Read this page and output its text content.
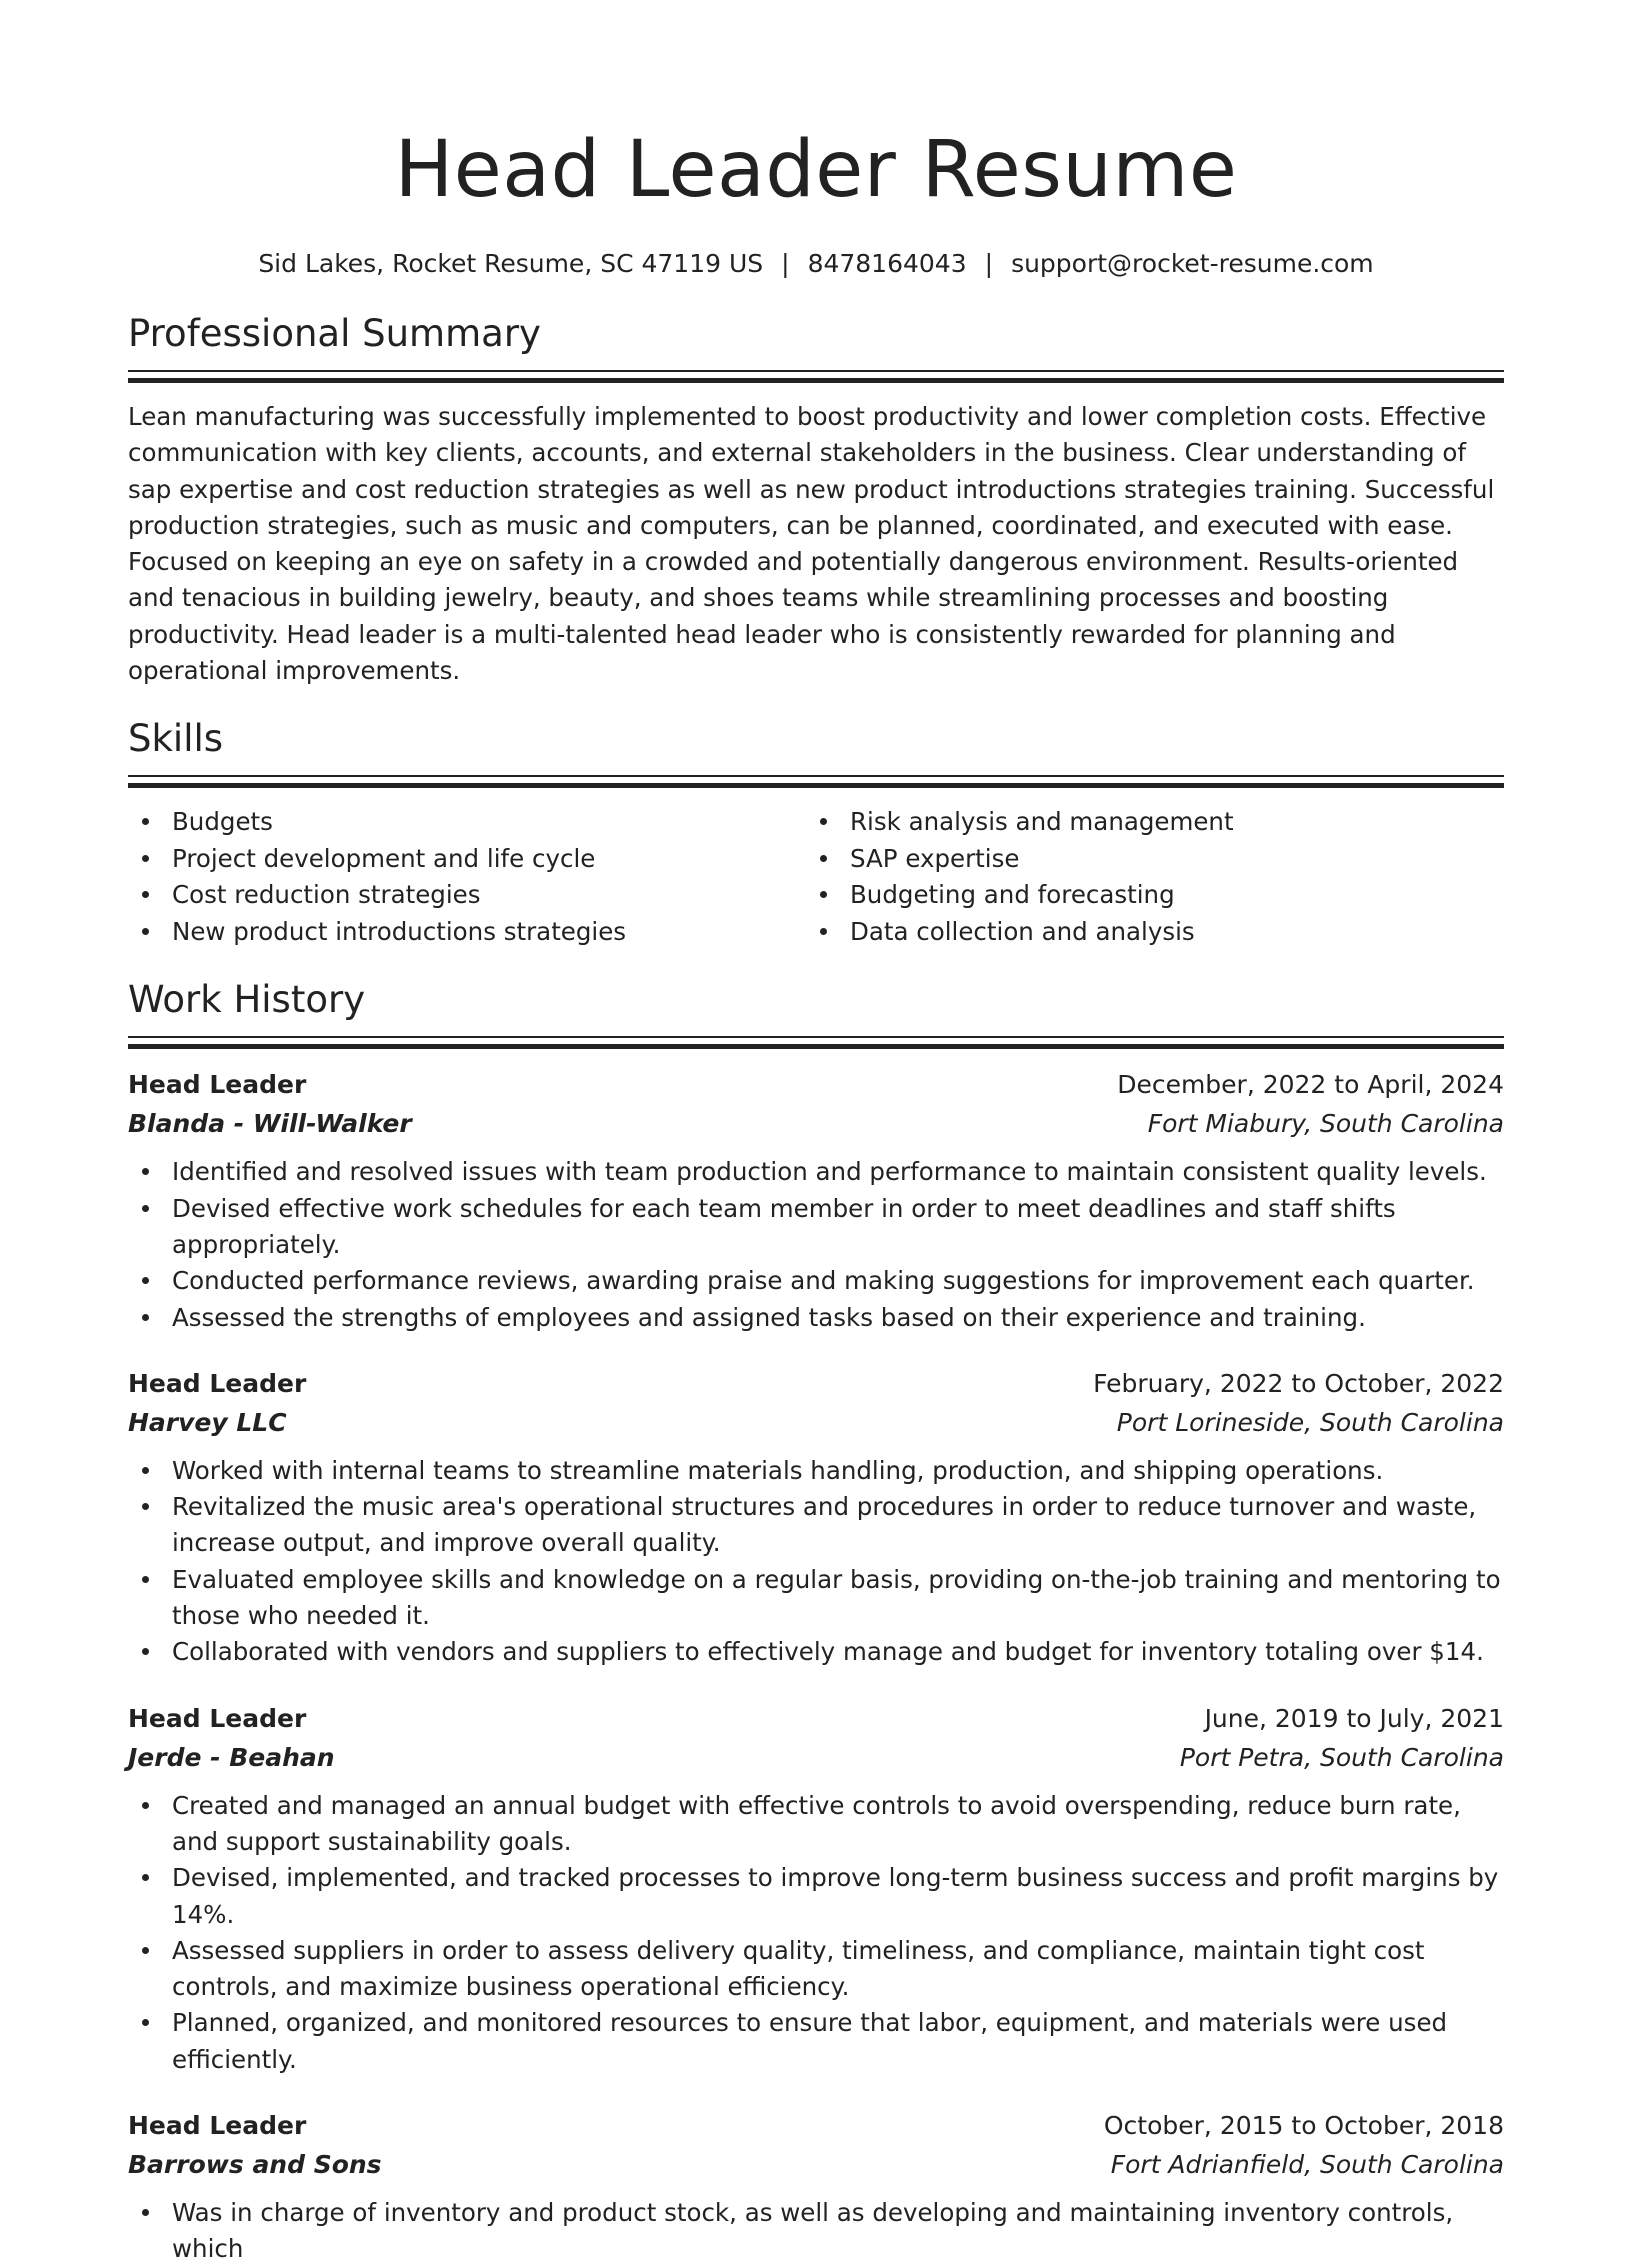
Head Leader Resume
Sid Lakes, Rocket Resume, SC 47119 US | 8478164043 | support@rocket-resume.com
Professional Summary

Lean manufacturing was successfully implemented to boost productivity and lower completion costs. Effective communication with key clients, accounts, and external stakeholders in the business. Clear understanding of sap expertise and cost reduction strategies as well as new product introductions strategies training. Successful production strategies, such as music and computers, can be planned, coordinated, and executed with ease. Focused on keeping an eye on safety in a crowded and potentially dangerous environment. Results-oriented and tenacious in building jewelry, beauty, and shoes teams while streamlining processes and boosting productivity. Head leader is a multi-talented head leader who is consistently rewarded for planning and operational improvements.

Skills
Budgets
Project development and life cycle
Cost reduction strategies
New product introductions strategies
Risk analysis and management
SAP expertise
Budgeting and forecasting
Data collection and analysis
Work History
Head Leader	December, 2022 to April, 2024
Blanda - Will-Walker	Fort Miabury, South Carolina
Identified and resolved issues with team production and performance to maintain consistent quality levels.
Devised effective work schedules for each team member in order to meet deadlines and staff shifts appropriately.
Conducted performance reviews, awarding praise and making suggestions for improvement each quarter.
Assessed the strengths of employees and assigned tasks based on their experience and training.
Head Leader	February, 2022 to October, 2022
Harvey LLC	Port Lorineside, South Carolina
Worked with internal teams to streamline materials handling, production, and shipping operations.
Revitalized the music area's operational structures and procedures in order to reduce turnover and waste, increase output, and improve overall quality.
Evaluated employee skills and knowledge on a regular basis, providing on-the-job training and mentoring to those who needed it.
Collaborated with vendors and suppliers to effectively manage and budget for inventory totaling over $14.
Head Leader	June, 2019 to July, 2021
Jerde - Beahan	Port Petra, South Carolina
Created and managed an annual budget with effective controls to avoid overspending, reduce burn rate, and support sustainability goals.
Devised, implemented, and tracked processes to improve long-term business success and profit margins by 14%.
Assessed suppliers in order to assess delivery quality, timeliness, and compliance, maintain tight cost controls, and maximize business operational efficiency.
Planned, organized, and monitored resources to ensure that labor, equipment, and materials were used efficiently.
Head Leader	October, 2015 to October, 2018
Barrows and Sons	Fort Adrianfield, South Carolina
Was in charge of inventory and product stock, as well as developing and maintaining inventory controls, which
